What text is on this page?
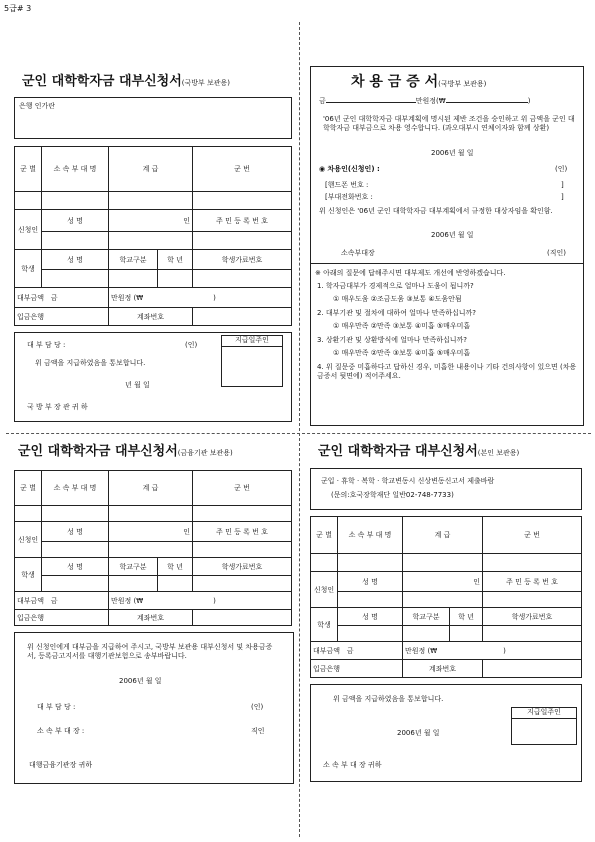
5급# 3
군인 대학학자금 대부신청서(국방부 보관용)
은행 인가란
군 별	소 속 부 대 명	계 급		군 번

신청인	성 명	인		주 민 등 록 번 호

학생	성 명	학교구분	학 년	학생가료번호

대부금액 금		만원정 (₩ )		
입금은행		계좌번호		
대 부 담 당 :	(인)
위 금액을 지급하였음을 통보합니다.
년 월 일
국 방 부 장 관 귀 하
지급일주인
차 용 금 증 서(국방부 보관용)
금	만원정(₩	)
'06년 군인 대학학자금 대부계획에 명시된 제반 조건을 승인하고 위 금액을 군인 대학학자금 대부금으로 차용 영수합니다. (과오대부시 연체이자와 함께 상환)
2006년 월 일
◉ 차용인(신청인) :	(인)
[핸드폰 번호 :	]
[부대전화번호 :	]
위 신청인은 '06년 군인 대학학자금 대부계획에서 규정한 대상자임을 확인함.
2006년 월 일
소속부대장	(직인)
※ 아래의 질문에 답해주시면 대부제도 개선에 반영하겠습니다.
1. 학자금대부가 경제적으로 얼마나 도움이 됩니까?
① 매우도움 ②조금도움 ③보통 ④도움안됨
2. 대부기관 및 절차에 대하여 얼마나 만족하십니까?
① 매우만족 ②만족 ③보통 ④미흡 ⑤매우미흡
3. 상환기관 및 상환방식에 얼마나 만족하십니까?
① 매우만족 ②만족 ③보통 ④미흡 ⑤매우미흡
4. 위 질문중 미흡하다고 답하신 경우, 미흡한 내용이나 기타 건의사항이 있으면 (차용금증서 뒷면에) 적어주세요.
군인 대학학자금 대부신청서(금융기관 보관용)
군 별	소 속 부 대 명	계 급		군 번

신청인	성 명	인		주 민 등 록 번 호

학생	성 명	학교구분	학 년	학생가료번호

대부금액 금		만원정 (₩ )		
입금은행		계좌번호		
위 신청인에게 대부금을 지급하여 주시고, 국방부 보관용 대부신청서 및 차용금증서, 등록금고지서를 대행기관보험으로 송부바랍니다.
2006년 월 일
대 부 담 당 :	(인)
소 속 부 대 장 :	직인
대행금융기관장 귀하
군인 대학학자금 대부신청서(본인 보관용)
군입 · 휴학 · 복학 · 학교변동시 신상변동신고서 제출바람
(문의:호국장학재단 일반02-748-7733)
군 별	소 속 부 대 명	계 급		군 번

신청인	성 명	인		주 민 등 록 번 호

학생	성 명	학교구분	학 년	학생가료번호

대부금액 금		만원정 (₩ )		
입금은행		계좌번호		
위 금액을 지급하였음을 통보합니다.
지급일주인
2006년 월 일
소 속 부 대 장 귀하
